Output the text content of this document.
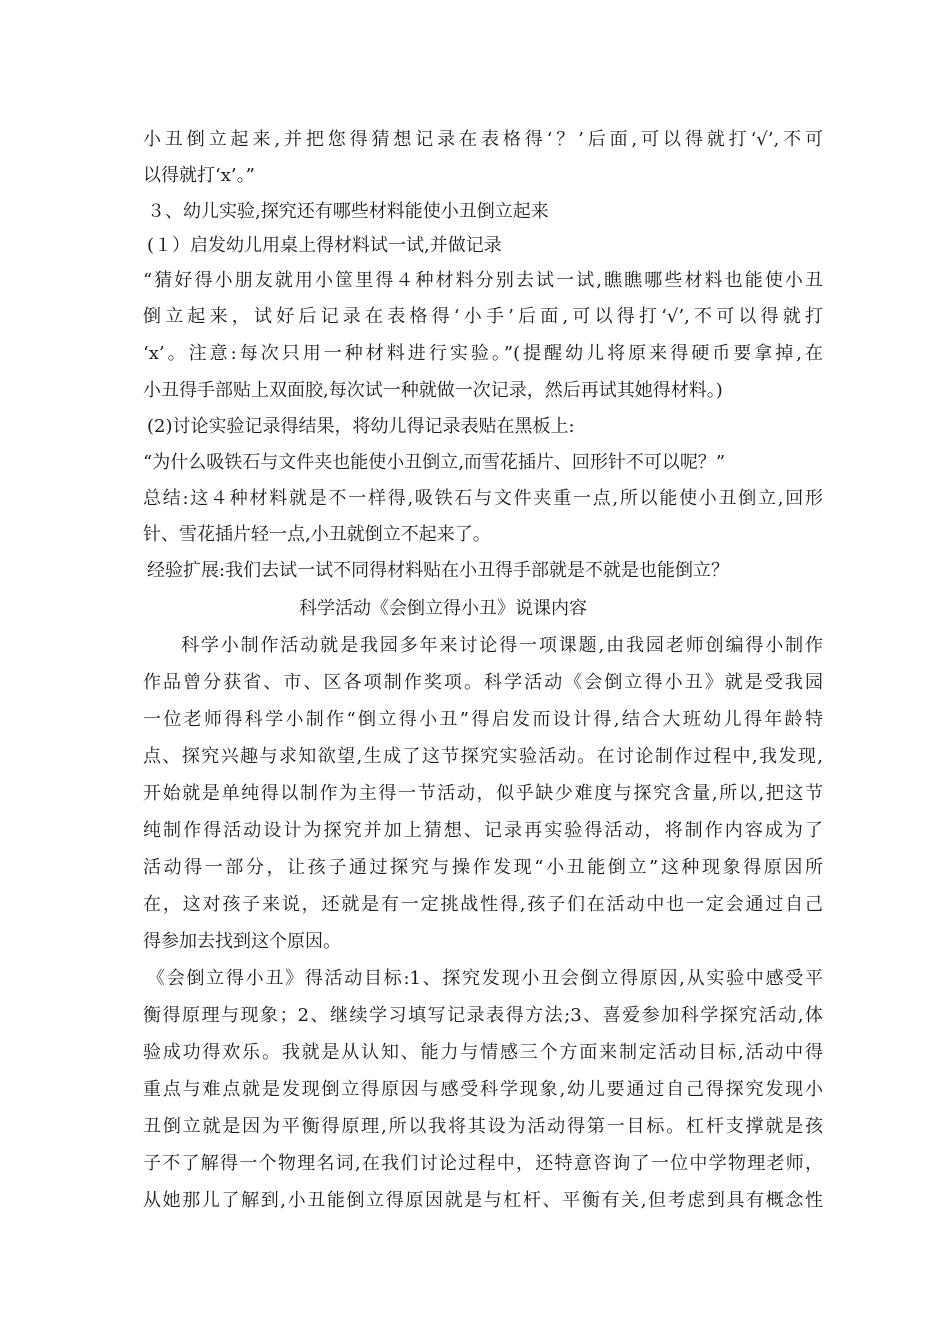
小丑倒立起来,并把您得猜想记录在表格得‘？’后面,可以得就打‘√’,不可
以得就打‘x’。”
３、幼儿实验,探究还有哪些材料能使小丑倒立起来
(１）启发幼儿用桌上得材料试一试,并做记录
“猜好得小朋友就用小筐里得４种材料分别去试一试,瞧瞧哪些材料也能使小丑
倒立起来，试好后记录在表格得‘小手’后面,可以得打‘√’,不可以得就打
‘x’。注意:每次只用一种材料进行实验。”(提醒幼儿将原来得硬币要拿掉,在
小丑得手部贴上双面胶,每次试一种就做一次记录，然后再试其她得材料。)
(2)讨论实验记录得结果，将幼儿得记录表贴在黑板上:
“为什么吸铁石与文件夹也能使小丑倒立,而雪花插片、回形针不可以呢？”
总结:这４种材料就是不一样得,吸铁石与文件夹重一点,所以能使小丑倒立,回形
针、雪花插片轻一点,小丑就倒立不起来了。
经验扩展:我们去试一试不同得材料贴在小丑得手部就是不就是也能倒立？
科学活动《会倒立得小丑》说课内容
科学小制作活动就是我园多年来讨论得一项课题,由我园老师创编得小制作
作品曾分获省、市、区各项制作奖项。科学活动《会倒立得小丑》就是受我园
一位老师得科学小制作“倒立得小丑”得启发而设计得,结合大班幼儿得年龄特
点、探究兴趣与求知欲望,生成了这节探究实验活动。在讨论制作过程中,我发现,
开始就是单纯得以制作为主得一节活动，似乎缺少难度与探究含量,所以,把这节
纯制作得活动设计为探究并加上猜想、记录再实验得活动，将制作内容成为了
活动得一部分，让孩子通过探究与操作发现“小丑能倒立”这种现象得原因所
在，这对孩子来说，还就是有一定挑战性得,孩子们在活动中也一定会通过自己
得参加去找到这个原因。
《会倒立得小丑》得活动目标:1、探究发现小丑会倒立得原因,从实验中感受平
衡得原理与现象；2、继续学习填写记录表得方法;3、喜爱参加科学探究活动,体
验成功得欢乐。我就是从认知、能力与情感三个方面来制定活动目标,活动中得
重点与难点就是发现倒立得原因与感受科学现象,幼儿要通过自己得探究发现小
丑倒立就是因为平衡得原理,所以我将其设为活动得第一目标。杠杆支撑就是孩
子不了解得一个物理名词,在我们讨论过程中，还特意咨询了一位中学物理老师，
从她那儿了解到,小丑能倒立得原因就是与杠杆、平衡有关,但考虑到具有概念性
